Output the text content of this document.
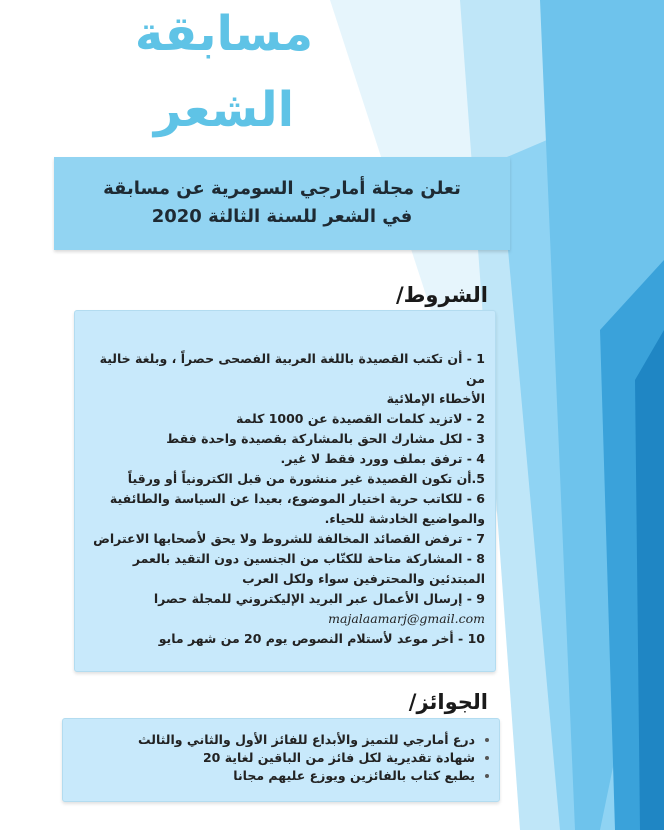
مسابقة
الشعر
تعلن مجلة أمارجي السومرية عن مسابقة
في الشعر للسنة الثالثة 2020
الشروط/
1 - أن تكتب القصيدة باللغة العربية الفصحى حصراً ، وبلغة خالية من
الأخطاء الإملائية
2 - لاتزيد كلمات القصيدة عن 1000 كلمة
3 - لكل مشارك الحق بالمشاركة بقصيدة واحدة فقط
4 - ترفق بملف وورد فقط لا غير.
5.أن تكون القصيدة غير منشورة من قبل الكترونياً أو ورقياً
6 - للكاتب حرية اختيار الموضوع، بعيدا عن السياسة والطائفية
والمواضيع الخادشة للحياء.
7 - ترفض القصائد المخالفة للشروط ولا يحق لأصحابها الاعتراض
8 - المشاركة متاحة للكتّاب من الجنسين دون التقيد بالعمر
المبتدئين والمحترفين سواء ولكل العرب
9 - إرسال الأعمال عبر البريد الإليكتروني للمجلة حصرا
majalaamarj@gmail.com
10 - أخر موعد لأستلام النصوص يوم 20 من شهر مايو
الجوائز/
درع أمارجي للتميز والأبداع للفائز الأول والثاني والثالث
شهادة تقديرية لكل فائز من الباقين لغاية 20
يطبع كتاب بالفائزين ويوزع عليهم مجانا
